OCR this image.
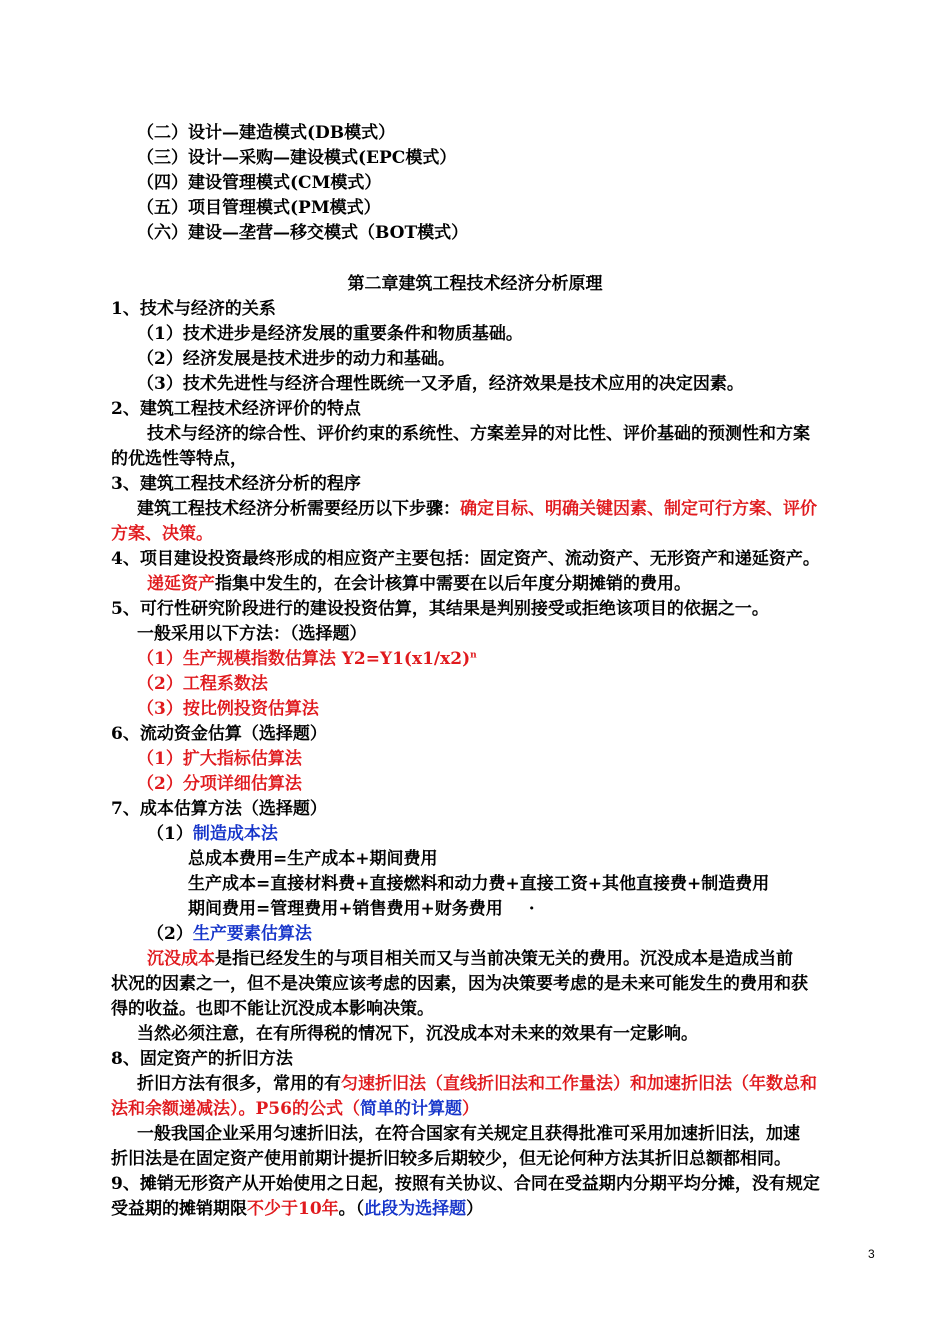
（二）设计—建造模式(DB模式）
（三）设计—采购—建设模式(EPC模式）
（四）建设管理模式(CM模式）
（五）项目管理模式(PM模式）
（六）建设—垄营—移交模式（BOT模式）
第二章建筑工程技术经济分析原理
1、技术与经济的关系
（1）技术进步是经济发展的重要条件和物质基础。
（2）经济发展是技术进步的动力和基础。
（3）技术先进性与经济合理性既统一又矛盾，经济效果是技术应用的决定因素。
2、建筑工程技术经济评价的特点
技术与经济的综合性、评价约束的系统性、方案差异的对比性、评价基础的预测性和方案
的优选性等特点，
3、建筑工程技术经济分析的程序
建筑工程技术经济分析需要经历以下步骤：确定目标、明确关键因素、制定可行方案、评价
方案、决策。
4、项目建设投资最终形成的相应资产主要包括：固定资产、流动资产、无形资产和递延资产。
递延资产指集中发生的，在会计核算中需要在以后年度分期摊销的费用。
5、可行性研究阶段进行的建设投资估算，其结果是判别接受或拒绝该项目的依据之一。
一般采用以下方法：（选择题）
（1）生产规模指数估算法 $Y2=Y1(x1/x2)^n$
（2）工程系数法
（3）按比例投资估算法
6、流动资金估算（选择题）
（1）扩大指标估算法
（2）分项详细估算法
7、成本估算方法（选择题）
（1）制造成本法
总成本费用=生产成本+期间费用
生产成本=直接材料费+直接燃料和动力费+直接工资+其他直接费+制造费用
期间费用=管理费用+销售费用+财务费用 ·
（2）生产要素估算法
沉没成本是指已经发生的与项目相关而又与当前决策无关的费用。沉没成本是造成当前
状况的因素之一，但不是决策应该考虑的因素，因为决策要考虑的是未来可能发生的费用和获
得的收益。也即不能让沉没成本影响决策。
当然必须注意，在有所得税的情况下，沉没成本对未来的效果有一定影响。
8、固定资产的折旧方法
折旧方法有很多，常用的有匀速折旧法（直线折旧法和工作量法）和加速折旧法（年数总和
法和余额递减法）。P56的公式（简单的计算题）
一般我国企业采用匀速折旧法，在符合国家有关规定且获得批准可采用加速折旧法，加速
折旧法是在固定资产使用前期计提折旧较多后期较少，但无论何种方法其折旧总额都相同。
9、摊销无形资产从开始使用之日起，按照有关协议、合同在受益期内分期平均分摊，没有规定
受益期的摊销期限不少于10年。（此段为选择题）
3
